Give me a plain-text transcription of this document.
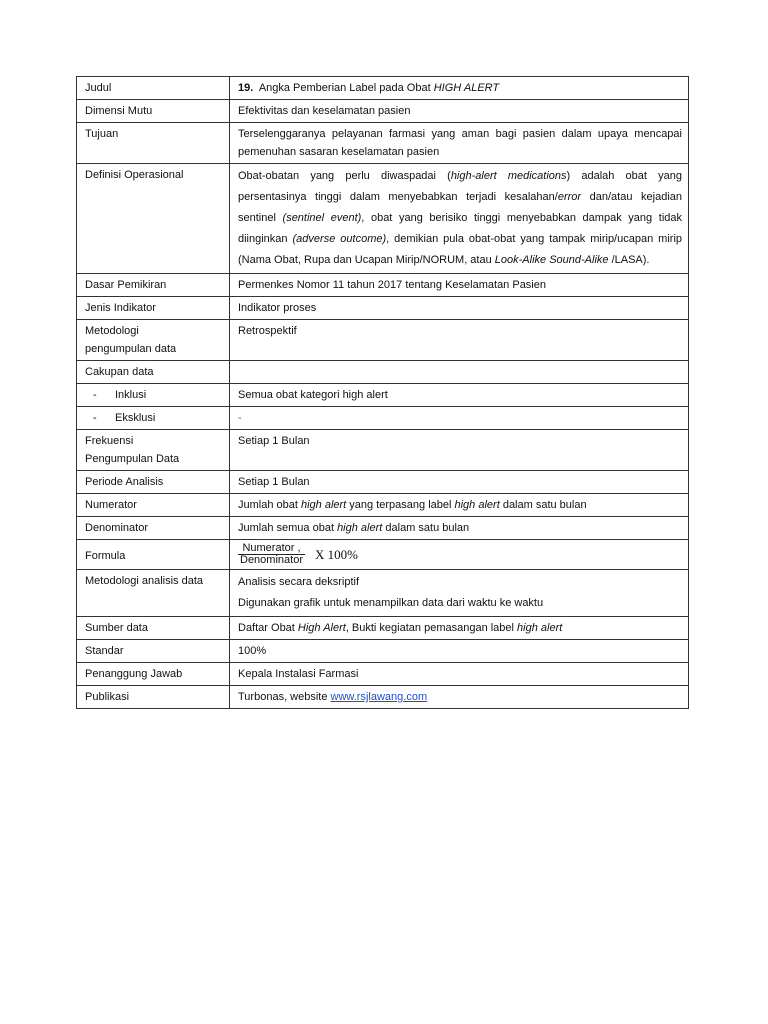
Judul	19. Angka Pemberian Label pada Obat HIGH ALERT
Dimensi Mutu	Efektivitas dan keselamatan pasien
Tujuan	Terselenggaranya pelayanan farmasi yang aman bagi pasien dalam upaya mencapai pemenuhan sasaran keselamatan pasien
Definisi Operasional	Obat-obatan yang perlu diwaspadai (high-alert medications) adalah obat yang persentasinya tinggi dalam menyebabkan terjadi kesalahan/error dan/atau kejadian sentinel (sentinel event), obat yang berisiko tinggi menyebabkan dampak yang tidak diinginkan (adverse outcome), demikian pula obat-obat yang tampak mirip/ucapan mirip (Nama Obat, Rupa dan Ucapan Mirip/NORUM, atau Look-Alike Sound-Alike /LASA).
Dasar Pemikiran	Permenkes Nomor 11 tahun 2017 tentang Keselamatan Pasien
Jenis Indikator	Indikator proses
Metodologi
pengumpulan data	Retrospektif
Cakupan data	
- Inklusi	Semua obat kategori high alert
- Eksklusi	-
Frekuensi
Pengumpulan Data	Setiap 1 Bulan
Periode Analisis	Setiap 1 Bulan
Numerator	Jumlah obat high alert yang terpasang label high alert dalam satu bulan
Denominator	Jumlah semua obat high alert dalam satu bulan
Formula	$\frac{\text{Numerator ,}}{\text{Denominator}}$ X 100%
Metodologi analisis data	Analisis secara deksriptif
Digunakan grafik untuk menampilkan data dari waktu ke waktu
Sumber data	Daftar Obat High Alert, Bukti kegiatan pemasangan label high alert
Standar	100%
Penanggung Jawab	Kepala Instalasi Farmasi
Publikasi	Turbonas, website www.rsjlawang.com
